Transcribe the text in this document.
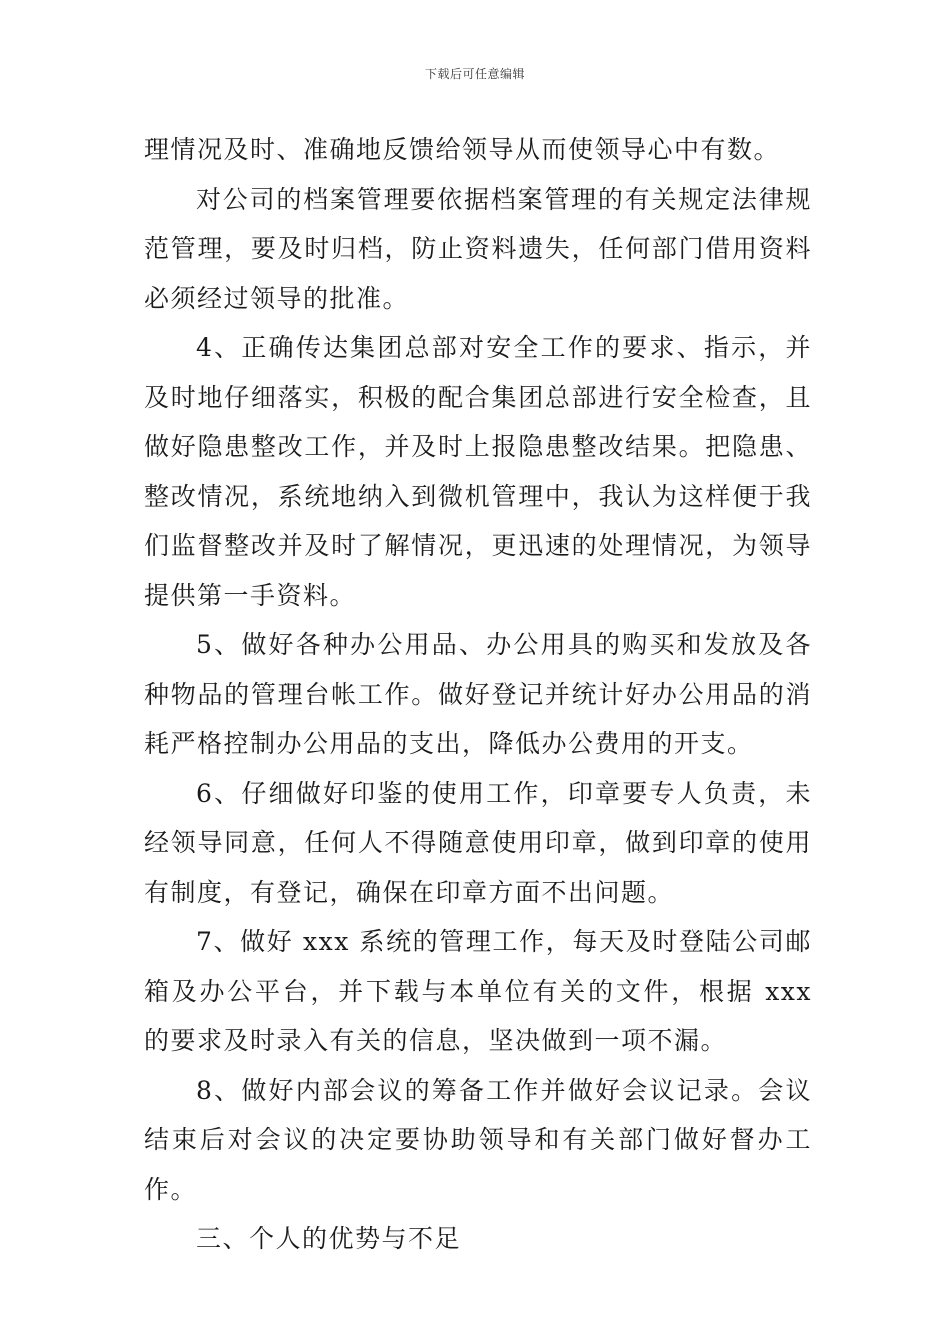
下载后可任意编辑

理情况及时、准确地反馈给领导从而使领导心中有数。

对公司的档案管理要依据档案管理的有关规定法律规范管理，要及时归档，防止资料遗失，任何部门借用资料必须经过领导的批准。

4、正确传达集团总部对安全工作的要求、指示，并及时地仔细落实，积极的配合集团总部进行安全检查，且做好隐患整改工作，并及时上报隐患整改结果。把隐患、整改情况，系统地纳入到微机管理中，我认为这样便于我们监督整改并及时了解情况，更迅速的处理情况，为领导提供第一手资料。

5、做好各种办公用品、办公用具的购买和发放及各种物品的管理台帐工作。做好登记并统计好办公用品的消耗严格控制办公用品的支出，降低办公费用的开支。

6、仔细做好印鉴的使用工作，印章要专人负责，未经领导同意，任何人不得随意使用印章，做到印章的使用有制度，有登记，确保在印章方面不出问题。

7、做好 xxx 系统的管理工作，每天及时登陆公司邮箱及办公平台，并下载与本单位有关的文件，根据 xxx 的要求及时录入有关的信息，坚决做到一项不漏。

8、做好内部会议的筹备工作并做好会议记录。会议结束后对会议的决定要协助领导和有关部门做好督办工作。

三、个人的优势与不足
